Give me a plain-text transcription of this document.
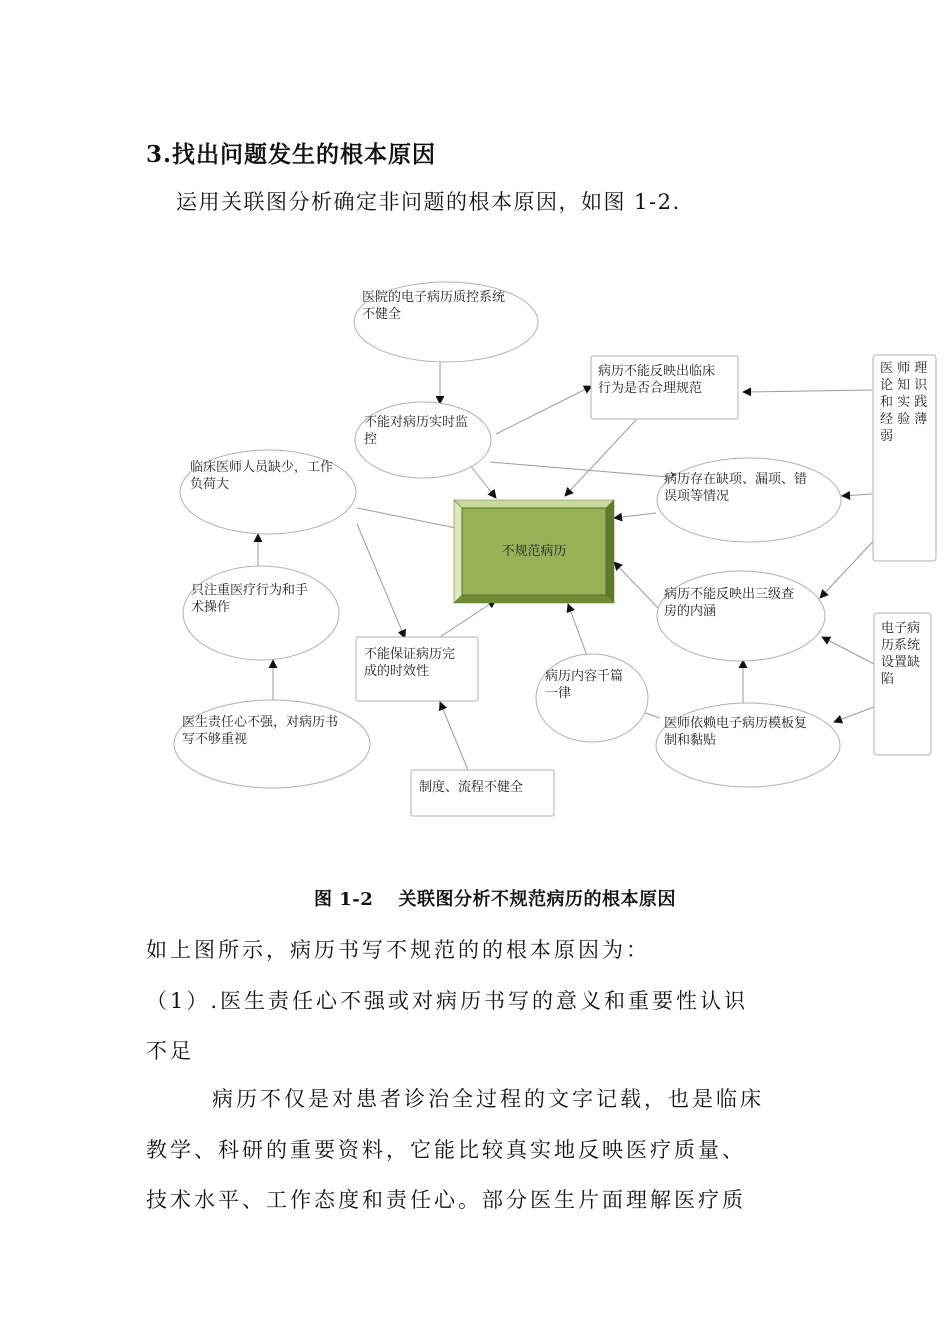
3.找出问题发生的根本原因
运用关联图分析确定非问题的根本原因，如图 1-2.
不规范病历
医院的电子病历质控系统不健全
不能对病历实时监控
临床医师人员缺少，工作负荷大
只注重医疗行为和手术操作
医生责任心不强，对病历书写不够重视
不能保证病历完成的时效性
制度、流程不健全
病历内容千篇一律
病历不能反映出临床行为是否合理规范
病历存在缺项、漏项、错误项等情况
病历不能反映出三级查房的内涵
医师依赖电子病历模板复制和黏贴
医 师 理论 知 识和 实 践经 验 薄弱
电子病历系统设置缺陷
图 1-2　 关联图分析不规范病历的根本原因
如上图所示，病历书写不规范的的根本原因为：
（1）.医生责任心不强或对病历书写的意义和重要性认识
不足
病历不仅是对患者诊治全过程的文字记载，也是临床
教学、科研的重要资料，它能比较真实地反映医疗质量、
技术水平、工作态度和责任心。部分医生片面理解医疗质
